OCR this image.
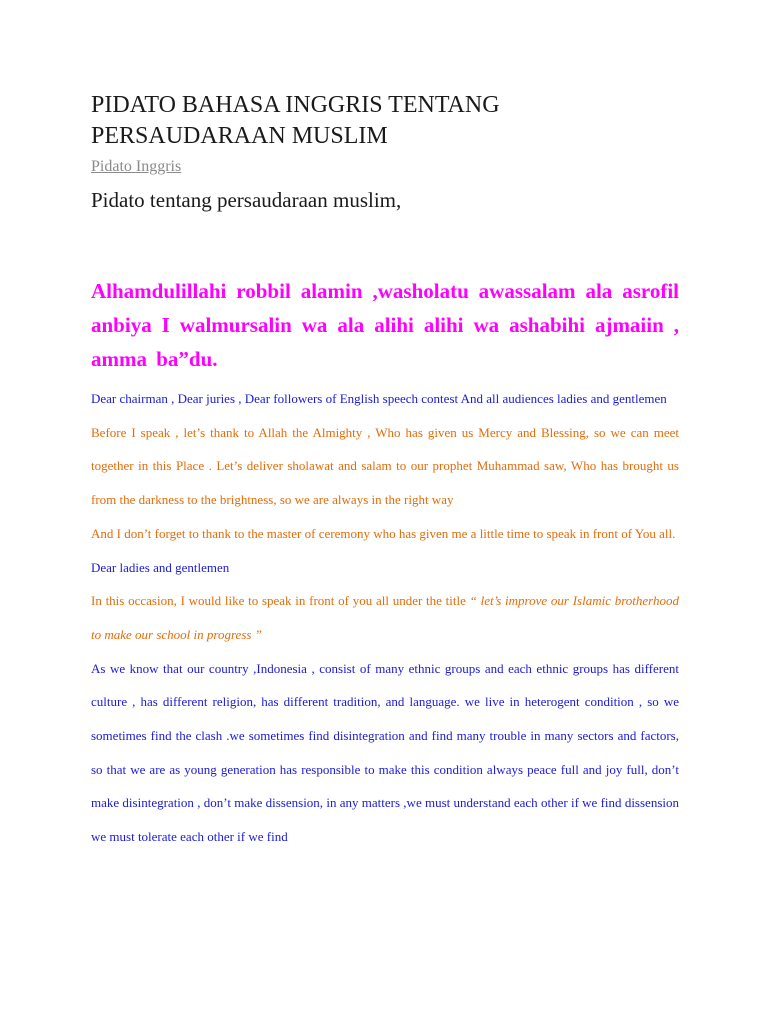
PIDATO BAHASA INGGRIS TENTANG PERSAUDARAAN MUSLIM
Pidato Inggris
Pidato tentang persaudaraan muslim,
Alhamdulillahi robbil alamin ,washolatu awassalam ala asrofil anbiya I walmursalin wa ala alihi alihi wa ashabihi ajmaiin , amma ba”du.

Dear chairman , Dear juries , Dear followers of English speech contest And all audiences ladies and gentlemen

Before I speak , let’s thank to Allah the Almighty , Who has given us Mercy and Blessing, so we can meet together in this Place . Let’s deliver sholawat and salam to our prophet Muhammad saw, Who has brought us from the darkness to the brightness, so we are always in the right way

And I don’t forget to thank to the master of ceremony who has given me a little time to speak in front of You all.

Dear ladies and gentlemen

In this occasion, I would like to speak in front of you all under the title “ let’s improve our Islamic brotherhood to make our school in progress ”

As we know that our country ,Indonesia , consist of many ethnic groups and each ethnic groups has different culture , has different religion, has different tradition, and language. we live in heterogent condition , so we sometimes find the clash .we sometimes find disintegration and find many trouble in many sectors and factors, so that we are as young generation has responsible to make this condition always peace full and joy full, don’t make disintegration , don’t make dissension, in any matters ,we must understand each other if we find dissension we must tolerate each other if we find
